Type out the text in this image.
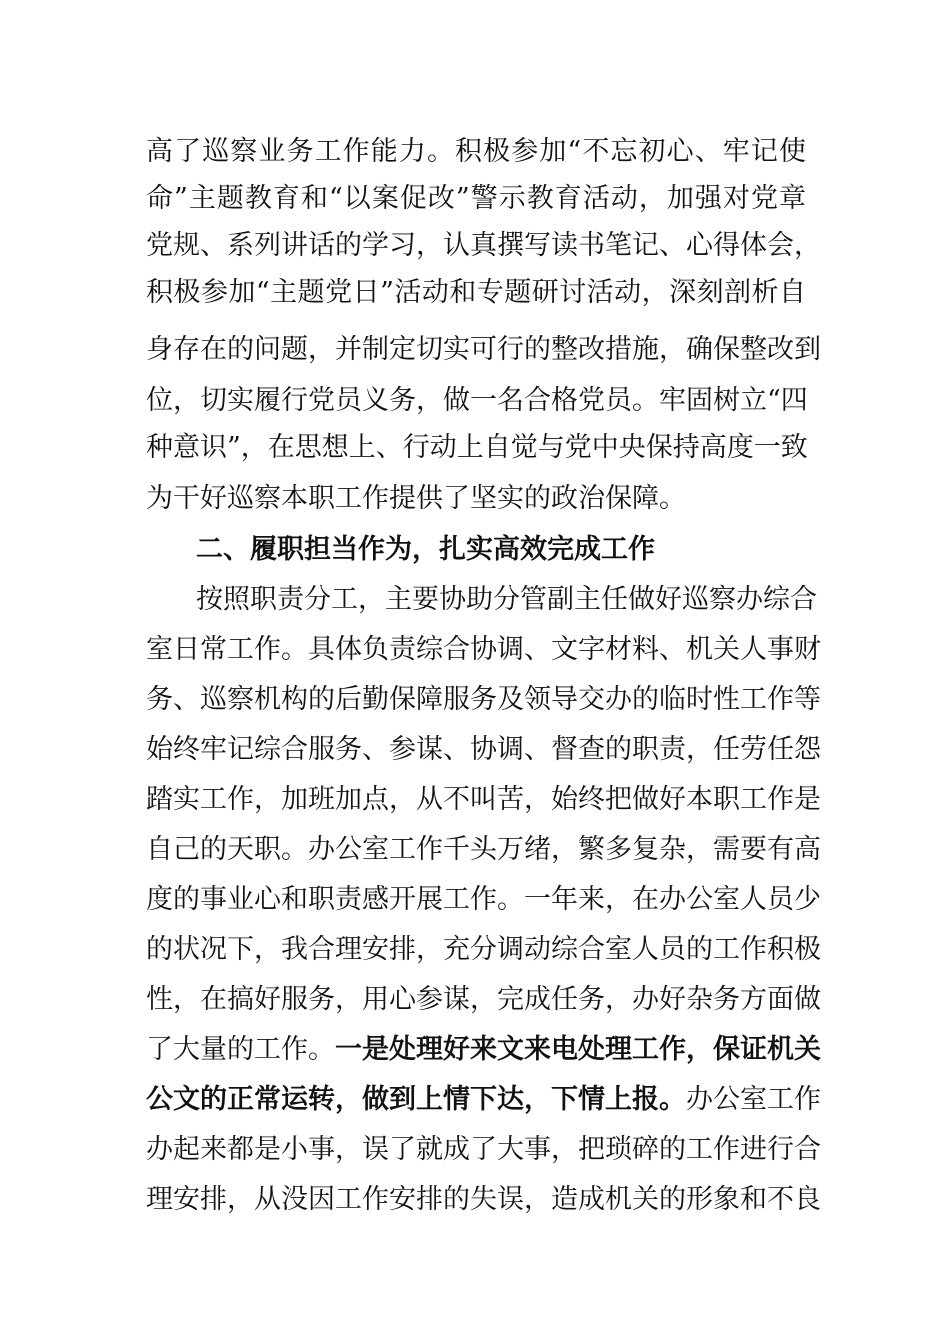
高了巡察业务工作能力。积极参加“不忘初心、牢记使
命”主题教育和“以案促改”警示教育活动，加强对党章
党规、系列讲话的学习，认真撰写读书笔记、心得体会，
积极参加“主题党日”活动和专题研讨活动，深刻剖析自
身存在的问题，并制定切实可行的整改措施，确保整改到
位，切实履行党员义务，做一名合格党员。牢固树立“四
种意识”，在思想上、行动上自觉与党中央保持高度一致
为干好巡察本职工作提供了坚实的政治保障。
二、履职担当作为，扎实高效完成工作
按照职责分工，主要协助分管副主任做好巡察办综合
室日常工作。具体负责综合协调、文字材料、机关人事财
务、巡察机构的后勤保障服务及领导交办的临时性工作等
始终牢记综合服务、参谋、协调、督查的职责，任劳任怨
踏实工作，加班加点，从不叫苦，始终把做好本职工作是
自己的天职。办公室工作千头万绪，繁多复杂，需要有高
度的事业心和职责感开展工作。一年来，在办公室人员少
的状况下，我合理安排，充分调动综合室人员的工作积极
性，在搞好服务，用心参谋，完成任务，办好杂务方面做
了大量的工作。一是处理好来文来电处理工作，保证机关
公文的正常运转，做到上情下达，下情上报。办公室工作
办起来都是小事，误了就成了大事，把琐碎的工作进行合
理安排，从没因工作安排的失误，造成机关的形象和不良
